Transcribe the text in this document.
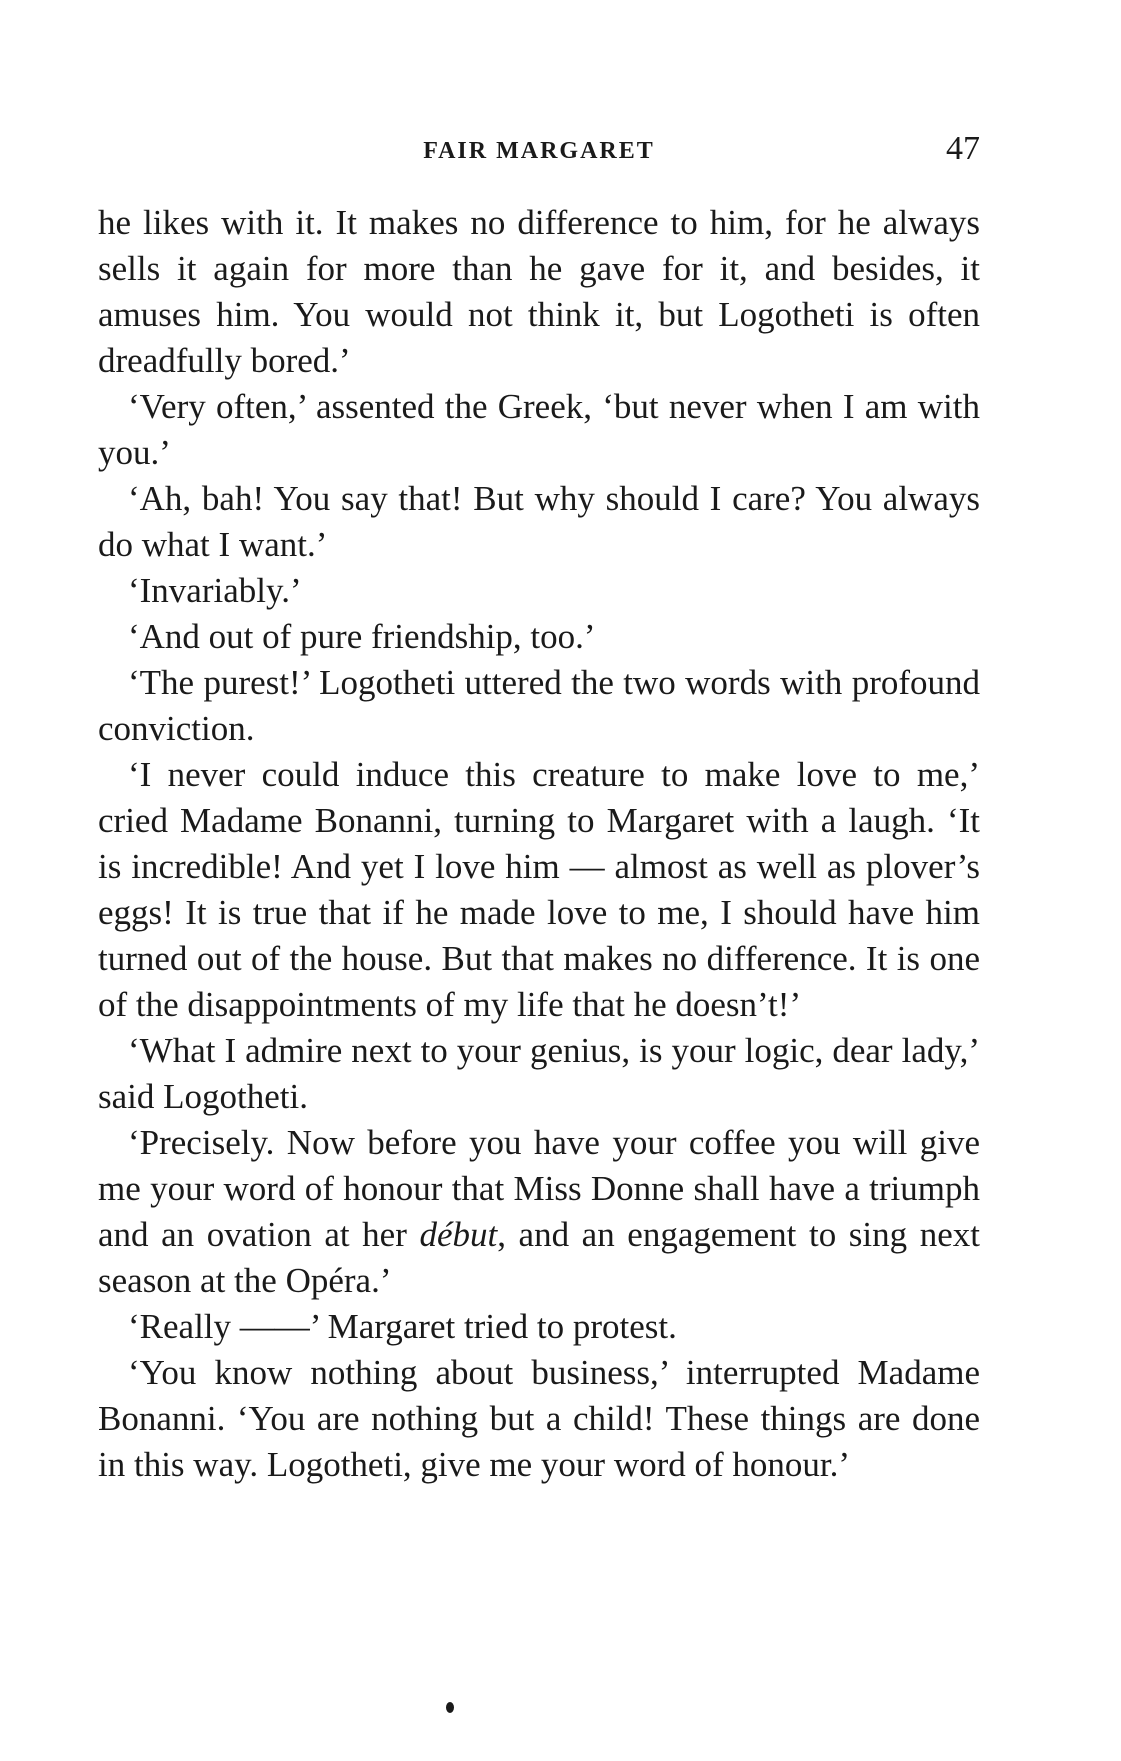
FAIR MARGARET	47

he likes with it. It makes no difference to him, for he always sells it again for more than he gave for it, and besides, it amuses him. You would not think it, but Logotheti is often dreadfully bored.’

‘Very often,’ assented the Greek, ‘but never when I am with you.’

‘Ah, bah! You say that! But why should I care? You always do what I want.’

‘Invariably.’

‘And out of pure friendship, too.’

‘The purest!’ Logotheti uttered the two words with profound conviction.

‘I never could induce this creature to make love to me,’ cried Madame Bonanni, turning to Margaret with a laugh. ‘It is incredible! And yet I love him — almost as well as plover’s eggs! It is true that if he made love to me, I should have him turned out of the house. But that makes no difference. It is one of the disappointments of my life that he doesn’t!’

‘What I admire next to your genius, is your logic, dear lady,’ said Logotheti.

‘Precisely. Now before you have your coffee you will give me your word of honour that Miss Donne shall have a triumph and an ovation at her début, and an engagement to sing next season at the Opéra.’

‘Really ——’ Margaret tried to protest.

‘You know nothing about business,’ interrupted Madame Bonanni. ‘You are nothing but a child! These things are done in this way. Logotheti, give me your word of honour.’
